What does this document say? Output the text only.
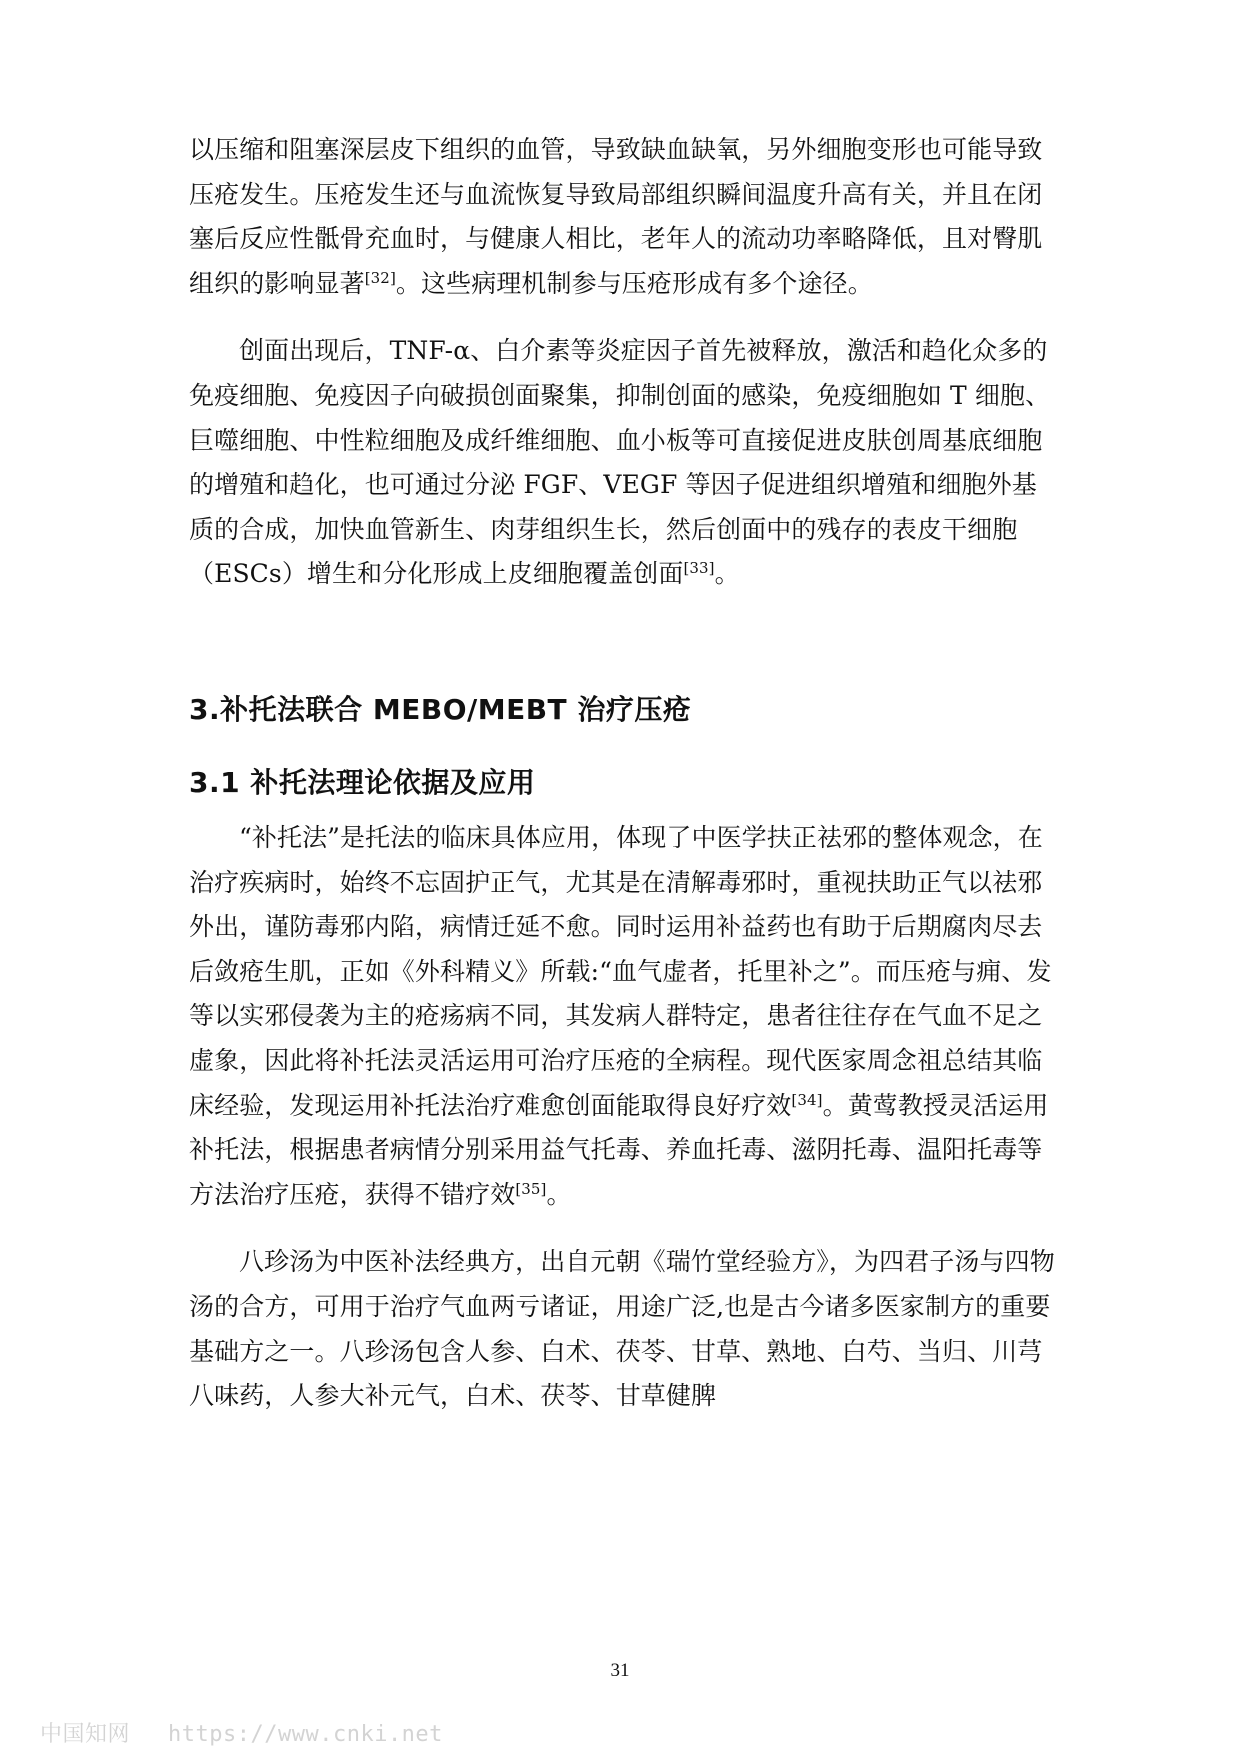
以压缩和阻塞深层皮下组织的血管，导致缺血缺氧，另外细胞变形也可能导致压疮发生。压疮发生还与血流恢复导致局部组织瞬间温度升高有关，并且在闭塞后反应性骶骨充血时，与健康人相比，老年人的流动功率略降低，且对臀肌组织的影响显著[32]。这些病理机制参与压疮形成有多个途径。

创面出现后，TNF-α、白介素等炎症因子首先被释放，激活和趋化众多的免疫细胞、免疫因子向破损创面聚集，抑制创面的感染，免疫细胞如 T 细胞、巨噬细胞、中性粒细胞及成纤维细胞、血小板等可直接促进皮肤创周基底细胞的增殖和趋化，也可通过分泌 FGF、VEGF 等因子促进组织增殖和细胞外基质的合成，加快血管新生、肉芽组织生长，然后创面中的残存的表皮干细胞（ESCs）增生和分化形成上皮细胞覆盖创面[33]。

3.补托法联合 MEBO/MEBT 治疗压疮
3.1 补托法理论依据及应用

“补托法”是托法的临床具体应用，体现了中医学扶正祛邪的整体观念，在治疗疾病时，始终不忘固护正气，尤其是在清解毒邪时，重视扶助正气以祛邪外出，谨防毒邪内陷，病情迁延不愈。同时运用补益药也有助于后期腐肉尽去后敛疮生肌，正如《外科精义》所载:“血气虚者，托里补之”。而压疮与痈、发等以实邪侵袭为主的疮疡病不同，其发病人群特定，患者往往存在气血不足之虚象，因此将补托法灵活运用可治疗压疮的全病程。现代医家周念祖总结其临床经验，发现运用补托法治疗难愈创面能取得良好疗效[34]。黄莺教授灵活运用补托法，根据患者病情分别采用益气托毒、养血托毒、滋阴托毒、温阳托毒等方法治疗压疮，获得不错疗效[35]。

八珍汤为中医补法经典方，出自元朝《瑞竹堂经验方》，为四君子汤与四物汤的合方，可用于治疗气血两亏诸证，用途广泛,也是古今诸多医家制方的重要基础方之一。八珍汤包含人参、白术、茯苓、甘草、熟地、白芍、当归、川芎八味药，人参大补元气，白术、茯苓、甘草健脾

31

中国知网 https://www.cnki.net
